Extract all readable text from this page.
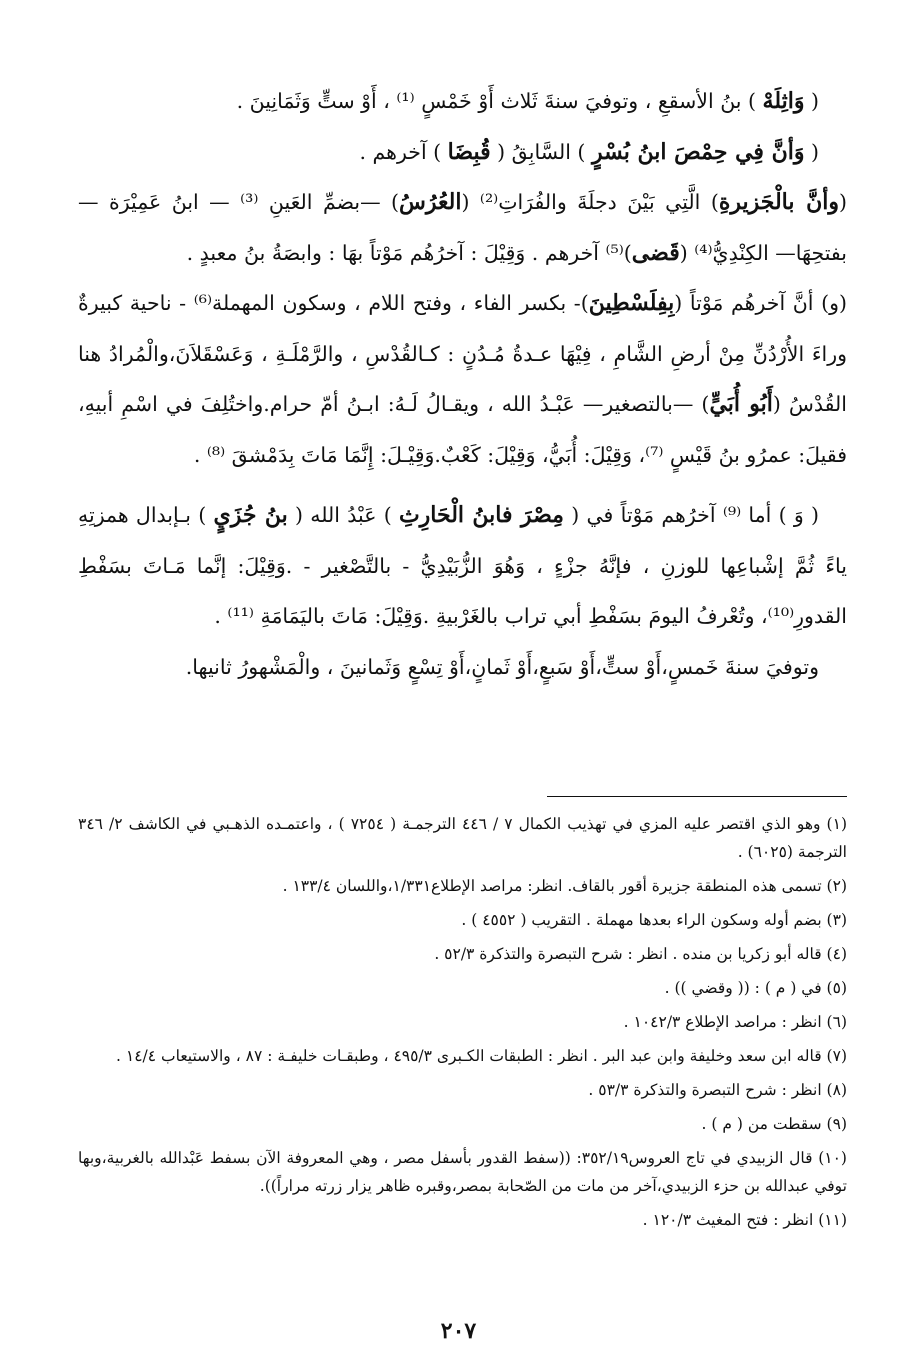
( وَاثِلَهْ ) بنُ الأسقعِ ، وتوفيَ سنةَ ثَلاث أَوْ خَمْسٍ ⁽¹⁾ ، أَوْ ستٍّ وَثَمَانِينَ .

( وَأنَّ فِي حِمْصَ ابنُ بُسْرٍ ) السَّابِقُ ( قُبِضَا ) آخرهم .

(وأنَّ بالْجَزيرةِ) الَّتِي بَيْنَ دجلَةَ والفُرَاتِ⁽²⁾ (العُرُسُ) —بضمِّ العَينِ ⁽³⁾ — ابنُ عَمِيْرَة —بفتحِهَا— الكِنْدِيُّ⁽⁴⁾ (قَضى)⁽⁵⁾ آخرهم . وَقِيْلَ : آخرُهُم مَوْتاً بهَا : وابصَةُ بنُ معبدٍ .

(و) أنَّ آخرهُم مَوْتاً (بِفِلَسْطِينَ)- بكسر الفاء ، وفتح اللام ، وسكون المهملة⁽⁶⁾ - ناحية كبيرةٌ وراءَ الأُرْدُنِّ مِنْ أرضِ الشَّامِ ، فِيْهَا عـدةُ مُـدُنٍ : كـالقُدْسِ ، والرَّمْلَـةِ ، وَعَسْقَلاَنَ،والْمُرادُ هنا القُدْسُ (أَبُو أُبَيٍّ) —بالتصغير— عَبْـدُ الله ، ويقـالُ لَـهُ: ابـنُ أمّ حرام.واختُلِفَ في اسْمِ أبيهِ، فقيلَ: عمرُو بنُ قَيْسٍ ⁽⁷⁾، وَقِيْلَ: أُبَيُّ، وَقِيْلَ: كَعْبٌ.وَقِيْـلَ: إِنَّمَا مَاتَ بِدَمْشقَ ⁽⁸⁾ .

( وَ ) أما ⁽⁹⁾ آخرُهم مَوْتاً في ( مِصْرَ فابنُ الْحَارِثِ ) عَبْدُ الله ( بنُ جُزَيٍ ) بـإبدال همزتِهِ ياءً ثُمَّ إشْباعِها للوزنِ ، فإنَّهُ جزْءٍ ، وَهُوَ الزُّبَيْدِيُّ - بالتَّصْغير - .وَقِيْلَ: إنَّما مَـاتَ بسَفْطِ القدورِ⁽¹⁰⁾، وتُعْرفُ اليومَ بسَفْطِ أبي تراب بالغَرْبيةِ .وَقِيْلَ: مَاتَ باليَمَامَةِ ⁽¹¹⁾ .

وتوفيَ سنةَ خَمسٍ،أَوْ ستٍّ،أَوْ سَبعٍ،أَوْ ثَمانٍ،أَوْ تِسْعٍ وَثَمانينَ ، والْمَشْهورُ ثانيها.

(١) وهو الذي اقتصر عليه المزي في تهذيب الكمال ٧ / ٤٤٦ الترجمـة ( ٧٢٥٤ ) ، واعتمـده الذهـبي في الكاشف ٢/ ٣٤٦ الترجمة (٦٠٢٥) .

(٢) تسمى هذه المنطقة جزيرة أقور بالقاف. انظر: مراصد الإطلاع١/٣٣١،واللسان ١٣٣/٤ .

(٣) بضم أوله وسكون الراء بعدها مهملة . التقريب ( ٤٥٥٢ ) .

(٤) قاله أبو زكريا بن منده . انظر : شرح التبصرة والتذكرة ٥٢/٣ .

(٥) في ( م ) : (( وقضي )) .

(٦) انظر : مراصد الإطلاع ١٠٤٢/٣ .

(٧) قاله ابن سعد وخليفة وابن عبد البر . انظر : الطبقات الكـبرى ٤٩٥/٣ ، وطبقـات خليفـة : ٨٧ ، والاستيعاب ١٤/٤ .

(٨) انظر : شرح التبصرة والتذكرة ٥٣/٣ .

(٩) سقطت من ( م ) .

(١٠) قال الزبيدي في تاج العروس٣٥٢/١٩: ((سفط القدور بأسفل مصر ، وهي المعروفة الآن بسفط عَبْدالله بالغربية،وبها توفي عبدالله بن حزء الزبيدي،آخر من مات من الصّحابة بمصر،وقبره ظاهر يزار زرته مراراً)).

(١١) انظر : فتح المغيث ١٢٠/٣ .

٢٠٧
